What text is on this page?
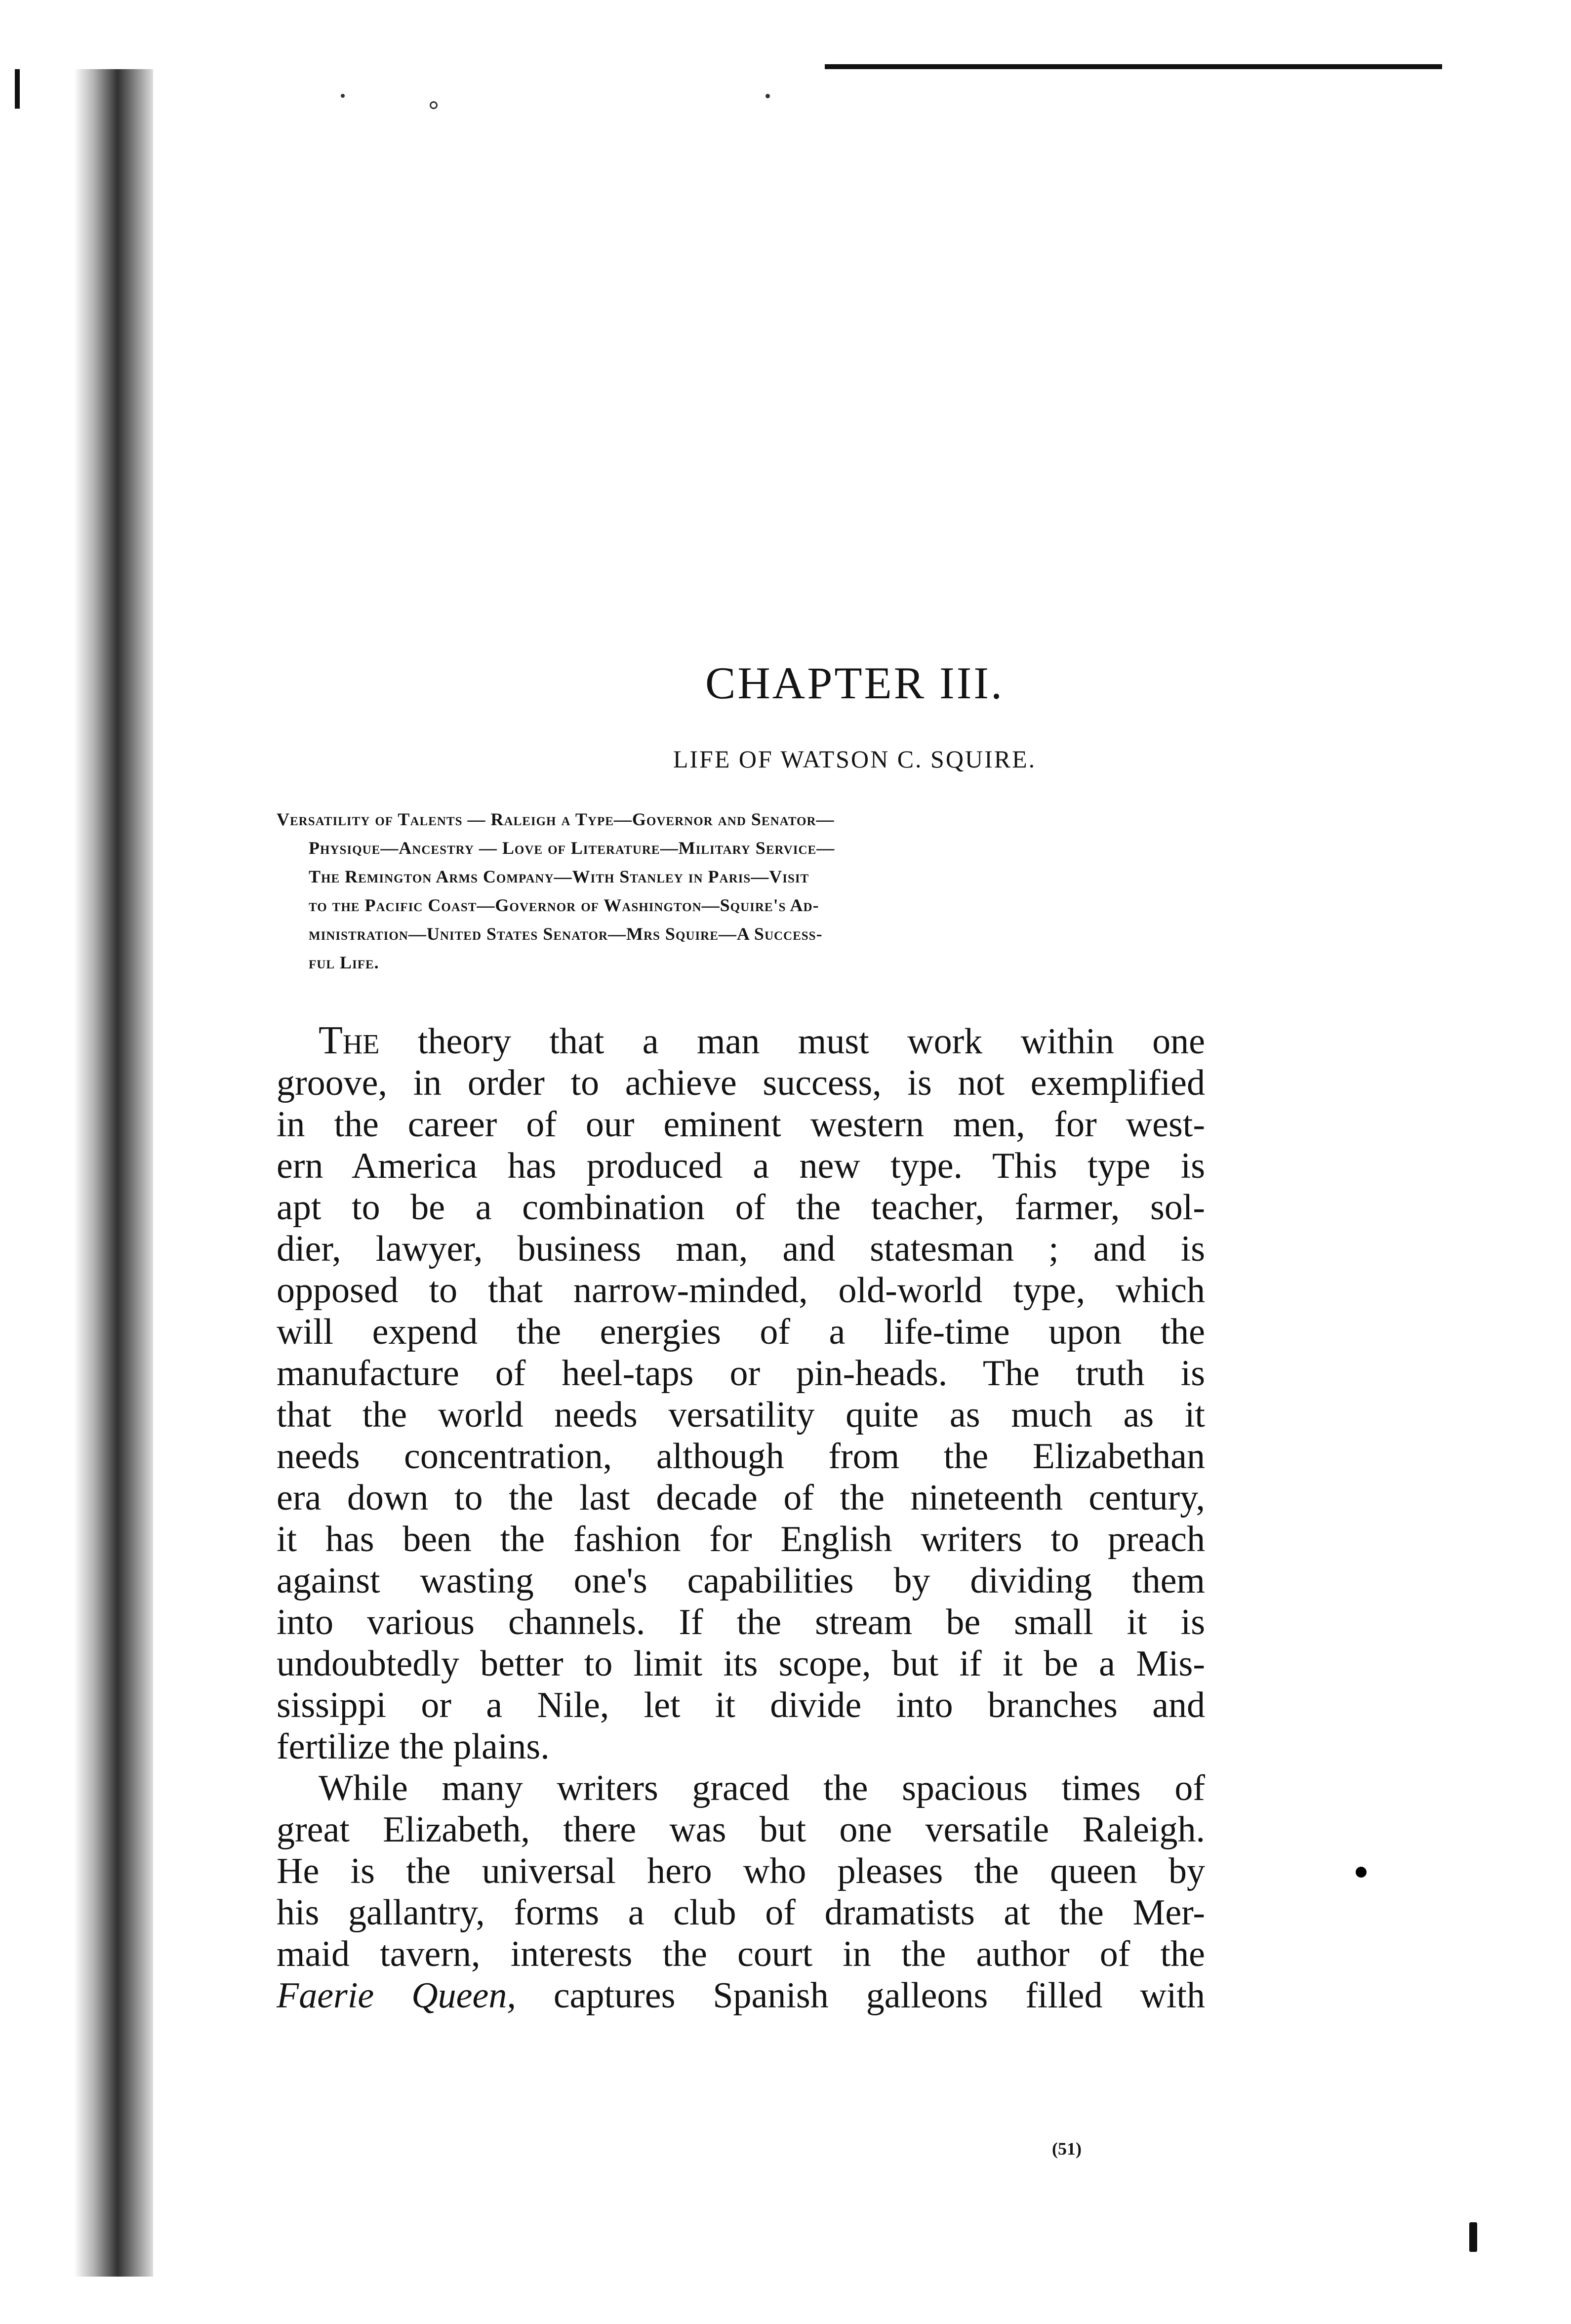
CHAPTER III.
LIFE OF WATSON C. SQUIRE.
Versatility of Talents — Raleigh a Type—Governor and Senator—
Physique—Ancestry — Love of Literature—Military Service—
The Remington Arms Company—With Stanley in Paris—Visit
to the Pacific Coast—Governor of Washington—Squire's Ad-
ministration—United States Senator—Mrs Squire—A Success-
ful Life.
The theory that a man must work within one
groove, in order to achieve success, is not exemplified
in the career of our eminent western men, for west-
ern America has produced a new type. This type is
apt to be a combination of the teacher, farmer, sol-
dier, lawyer, business man, and statesman ; and is
opposed to that narrow-minded, old-world type, which
will expend the energies of a life-time upon the
manufacture of heel-taps or pin-heads. The truth is
that the world needs versatility quite as much as it
needs concentration, although from the Elizabethan
era down to the last decade of the nineteenth century,
it has been the fashion for English writers to preach
against wasting one's capabilities by dividing them
into various channels. If the stream be small it is
undoubtedly better to limit its scope, but if it be a Mis-
sissippi or a Nile, let it divide into branches and
fertilize the plains.
While many writers graced the spacious times of
great Elizabeth, there was but one versatile Raleigh.
He is the universal hero who pleases the queen by
his gallantry, forms a club of dramatists at the Mer-
maid tavern, interests the court in the author of the
Faerie Queen, captures Spanish galleons filled with
(51)
